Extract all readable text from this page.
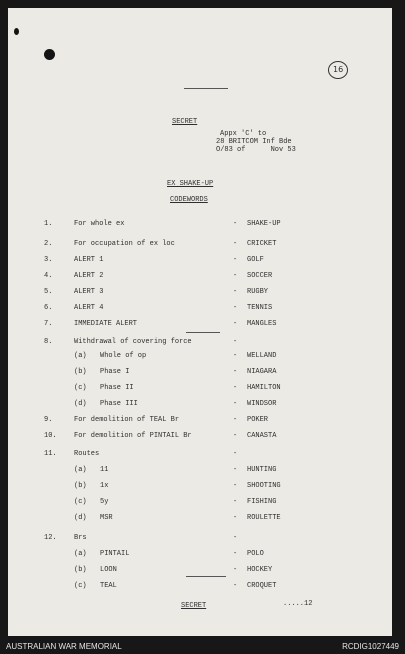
16
SECRET
Appx 'C' to
28 BRITCOM Inf Bde
O/83 of      Nov 53
EX SHAKE-UP
CODEWORDS
1.	For whole ex	- SHAKE-UP
2.	For occupation of ex loc	- CRICKET
3.	ALERT 1	- GOLF
4.	ALERT 2	- SOCCER
5.	ALERT 3	- RUGBY
6.	ALERT 4	- TENNIS
7.	IMMEDIATE ALERT	- MANGLES
8.	Withdrawal of covering force	-
(a) Whole of op	- WELLAND
(b) Phase I	- NIAGARA
(c) Phase II	- HAMILTON
(d) Phase III	- WINDSOR
9.	For demolition of TEAL Br	- POKER
10. For demolition of PINTAIL Br	- CANASTA
11. Routes	-
(a) 11	- HUNTING
(b) 1x	- SHOOTING
(c) 5y	- FISHING
(d) MSR	- ROULETTE
12. Brs	-
(a) PINTAIL	- POLO
(b) LOON	- HOCKEY
(c) TEAL	- CROQUET
SECRET	.....12
AUSTRALIAN WAR MEMORIAL	RCDIG1027449
